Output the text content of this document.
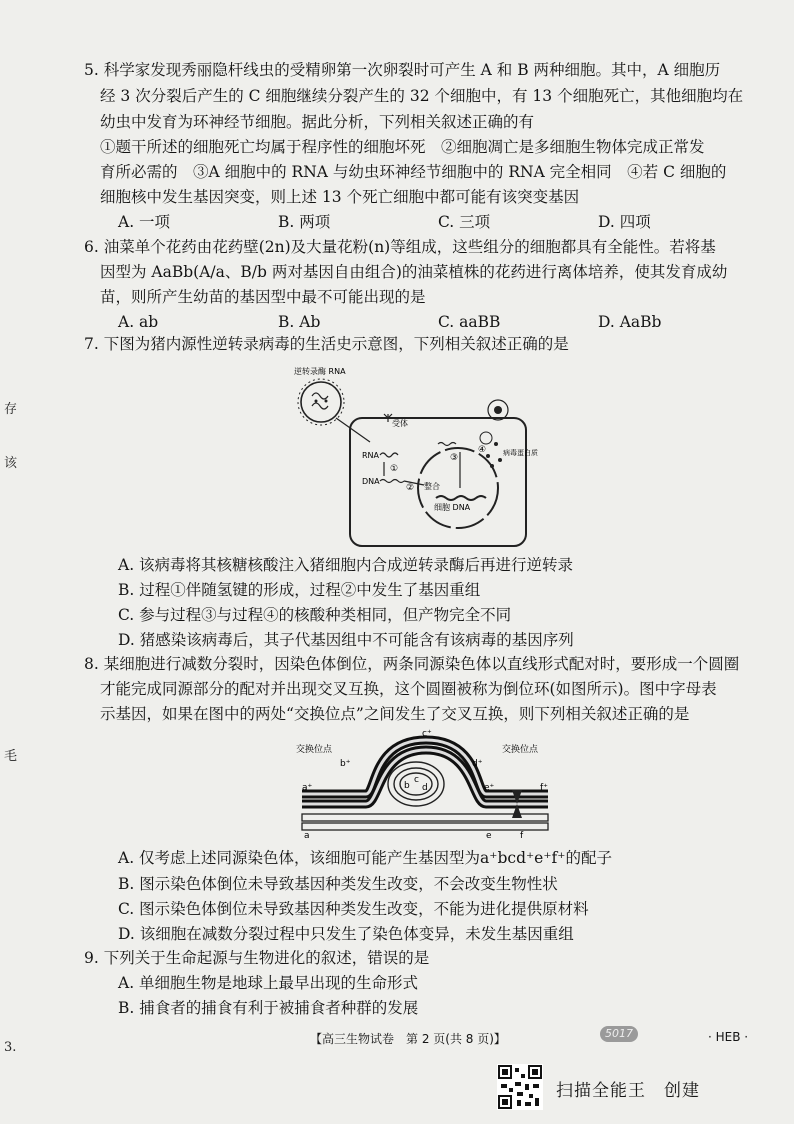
存
该
毛
3.
5. 科学家发现秀丽隐杆线虫的受精卵第一次卵裂时可产生 A 和 B 两种细胞。其中，A 细胞历
经 3 次分裂后产生的 C 细胞继续分裂产生的 32 个细胞中，有 13 个细胞死亡，其他细胞均在
幼虫中发育为环神经节细胞。据此分析，下列相关叙述正确的有
①题干所述的细胞死亡均属于程序性的细胞坏死　②细胞凋亡是多细胞生物体完成正常发
育所必需的　③A 细胞中的 RNA 与幼虫环神经节细胞中的 RNA 完全相同　④若 C 细胞的
细胞核中发生基因突变，则上述 13 个死亡细胞中都可能有该突变基因
A. 一项	B. 两项	C. 三项	D. 四项
6. 油菜单个花药由花药壁(2n)及大量花粉(n)等组成，这些组分的细胞都具有全能性。若将基
因型为 AaBb(A/a、B/b 两对基因自由组合)的油菜植株的花药进行离体培养，使其发育成幼
苗，则所产生幼苗的基因型中最不可能出现的是
A. ab	B. Ab	C. aaBB	D. AaBb
7. 下图为猪内源性逆转录病毒的生活史示意图，下列相关叙述正确的是
逆转录酶 RNA
受体
RNA
①
DNA
② 整合
细胞 DNA
③
④ 病毒蛋白质
A. 该病毒将其核糖核酸注入猪细胞内合成逆转录酶后再进行逆转录
B. 过程①伴随氢键的形成，过程②中发生了基因重组
C. 参与过程③与过程④的核酸种类相同，但产物完全不同
D. 猪感染该病毒后，其子代基因组中不可能含有该病毒的基因序列
8. 某细胞进行减数分裂时，因染色体倒位，两条同源染色体以直线形式配对时，要形成一个圆圈
才能完成同源部分的配对并出现交叉互换，这个圆圈被称为倒位环(如图所示)。图中字母表
示基因，如果在图中的两处“交换位点”之间发生了交叉互换，则下列相关叙述正确的是
交换位点	交换位点
a⁺
b⁺
c⁺
d⁺
e⁺	f⁺
b
c
d
a	e	f
A. 仅考虑上述同源染色体，该细胞可能产生基因型为a⁺bcd⁺e⁺f⁺的配子
B. 图示染色体倒位未导致基因种类发生改变，不会改变生物性状
C. 图示染色体倒位未导致基因种类发生改变，不能为进化提供原材料
D. 该细胞在减数分裂过程中只发生了染色体变异，未发生基因重组
9. 下列关于生命起源与生物进化的叙述，错误的是
A. 单细胞生物是地球上最早出现的生命形式
B. 捕食者的捕食有利于被捕食者种群的发展
【高三生物试卷　第 2 页(共 8 页)】	5017	· HEB ·
扫描全能王　创建
